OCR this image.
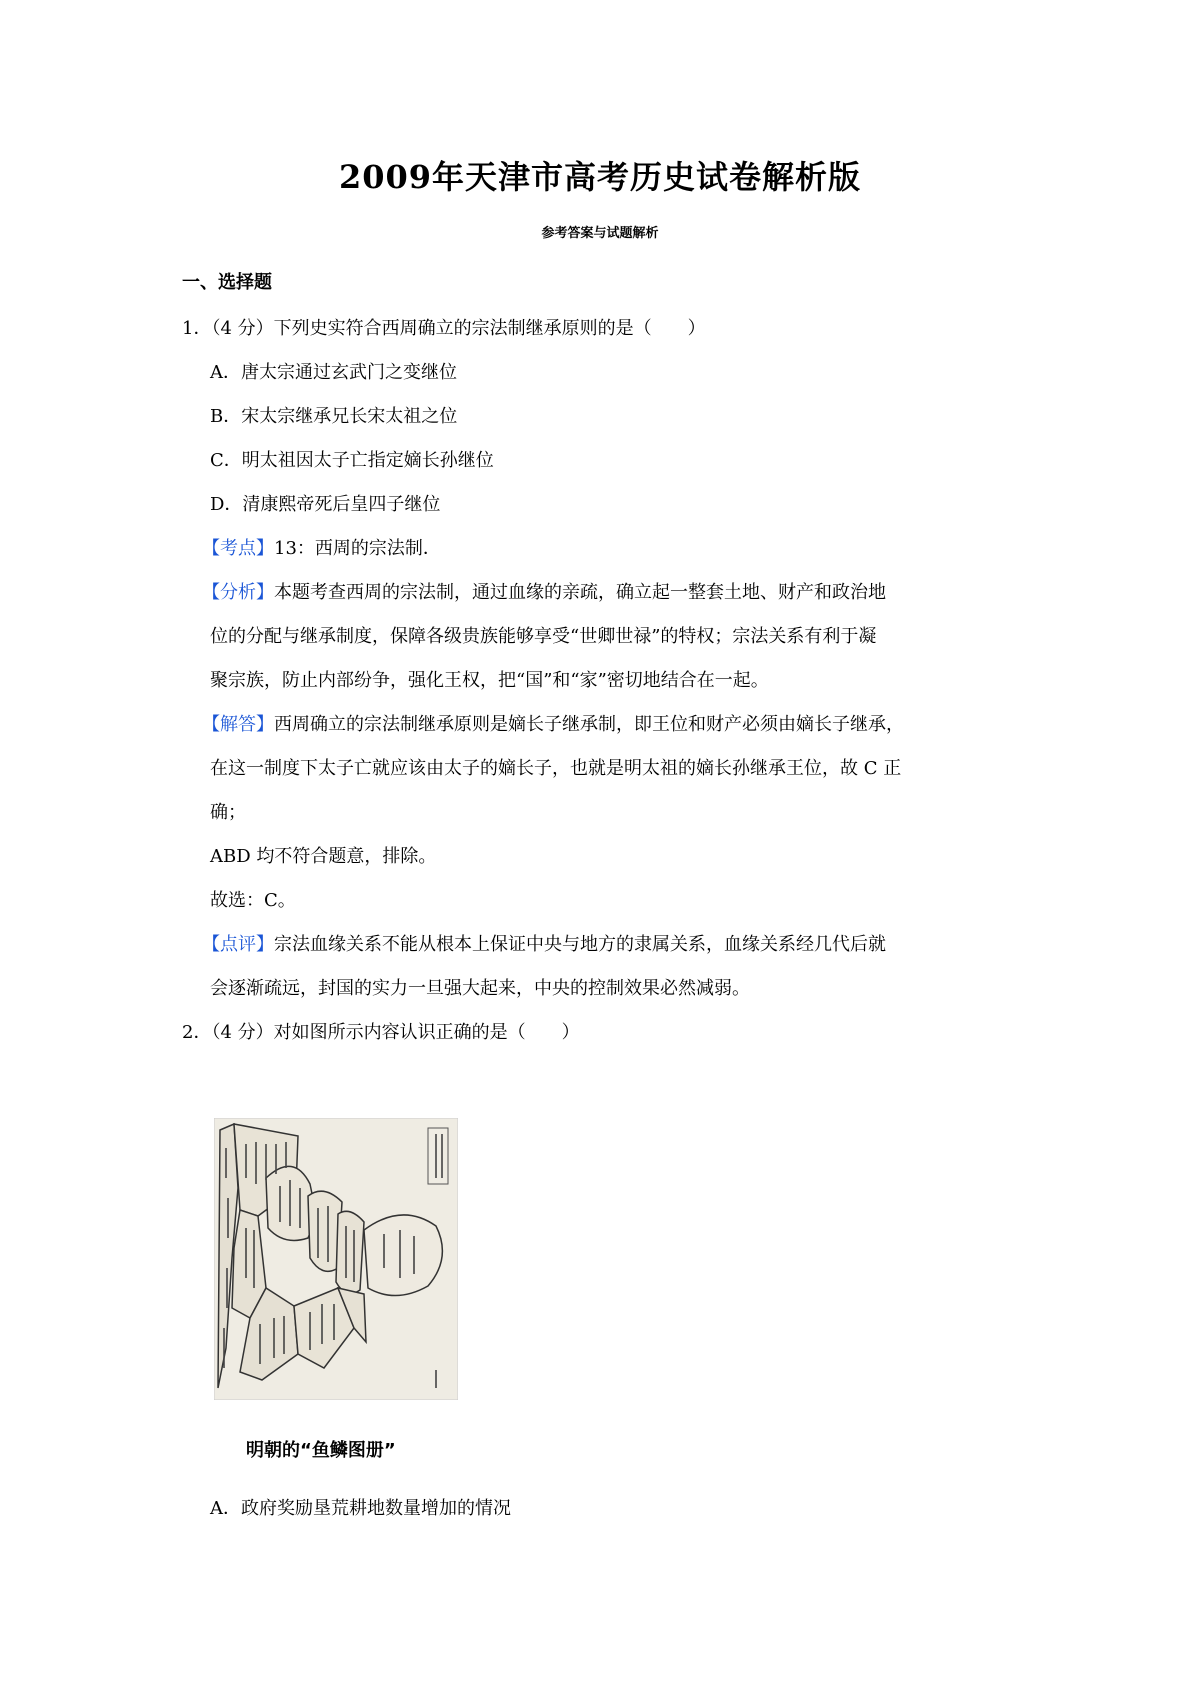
2009年天津市高考历史试卷解析版
参考答案与试题解析
一、选择题
1．（4 分）下列史实符合西周确立的宗法制继承原则的是（　　）
A．唐太宗通过玄武门之变继位
B．宋太宗继承兄长宋太祖之位
C．明太祖因太子亡指定嫡长孙继位
D．清康熙帝死后皇四子继位
【考点】13：西周的宗法制．
【分析】本题考查西周的宗法制，通过血缘的亲疏，确立起一整套土地、财产和政治地
位的分配与继承制度，保障各级贵族能够享受“世卿世禄”的特权；宗法关系有利于凝
聚宗族，防止内部纷争，强化王权，把“国”和“家”密切地结合在一起。
【解答】西周确立的宗法制继承原则是嫡长子继承制，即王位和财产必须由嫡长子继承，
在这一制度下太子亡就应该由太子的嫡长子，也就是明太祖的嫡长孙继承王位，故 C 正
确；
ABD 均不符合题意，排除。
故选：C。
【点评】宗法血缘关系不能从根本上保证中央与地方的隶属关系，血缘关系经几代后就
会逐渐疏远，封国的实力一旦强大起来，中央的控制效果必然减弱。
2．（4 分）对如图所示内容认识正确的是（　　）
明朝的“鱼鳞图册”
A．政府奖励垦荒耕地数量增加的情况
